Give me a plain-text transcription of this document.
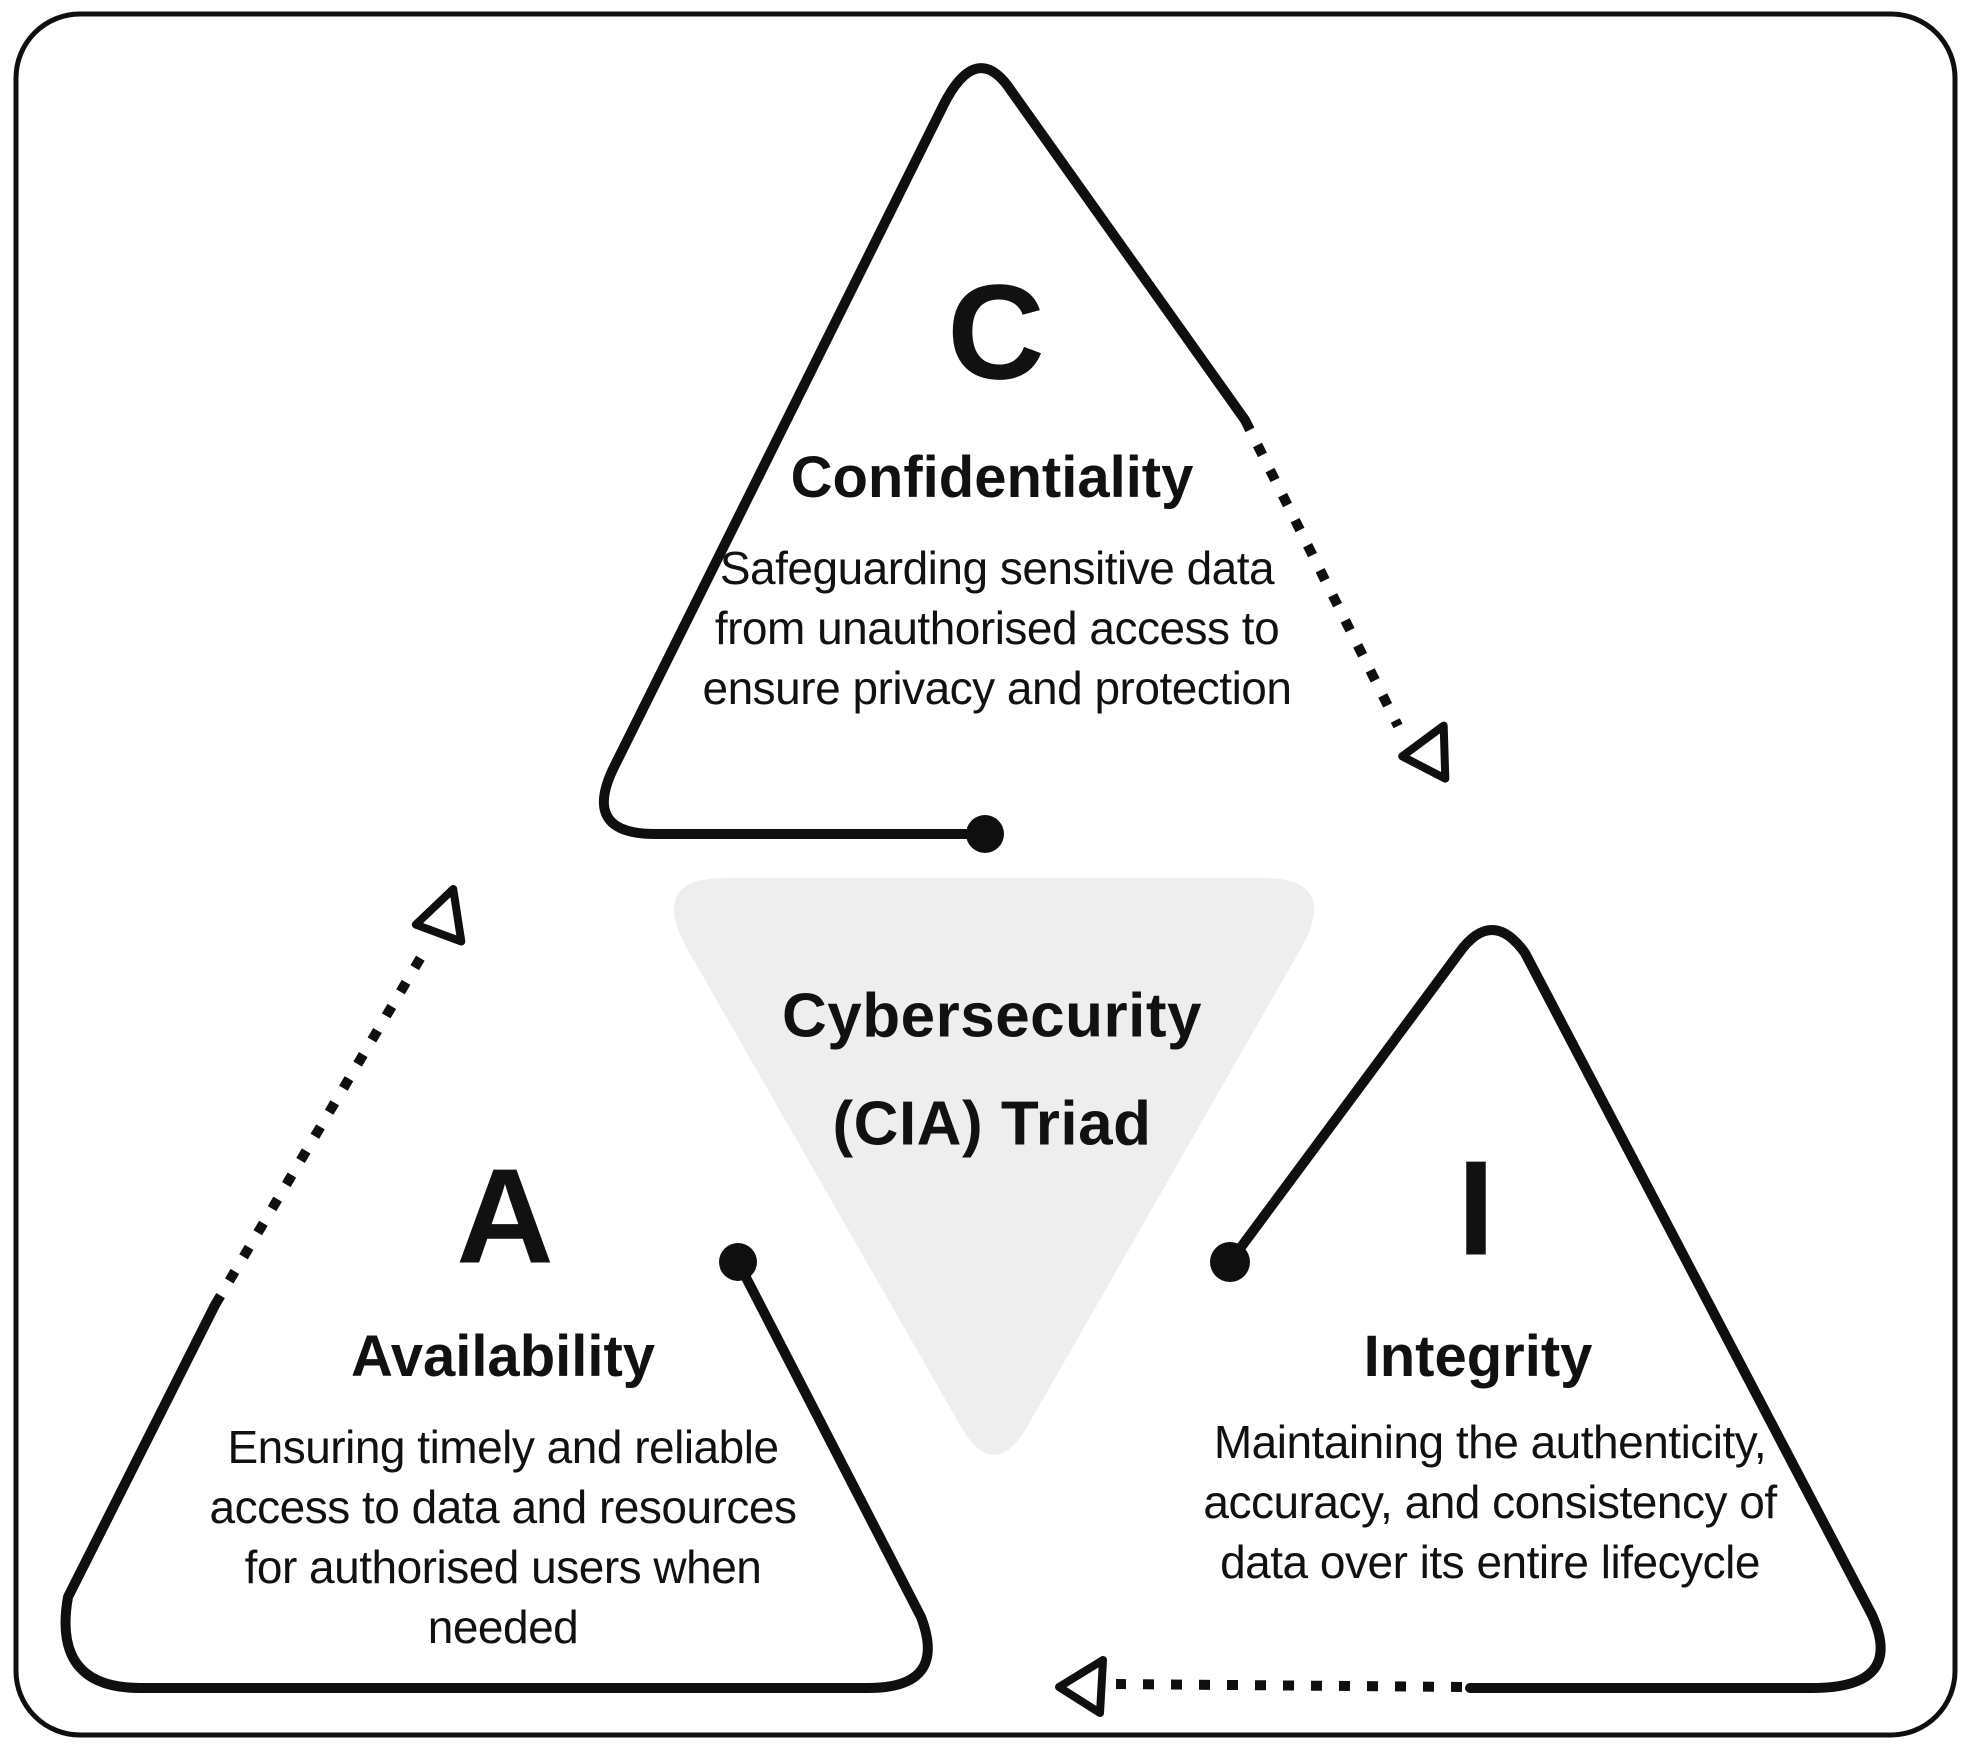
C
Confidentiality
Safeguarding sensitive data
from unauthorised access to
ensure privacy and protection
Cybersecurity
(CIA) Triad
A
Availability
Ensuring timely and reliable
access to data and resources
for authorised users when
needed
I
Integrity
Maintaining the authenticity,
accuracy, and consistency of
data over its entire lifecycle
